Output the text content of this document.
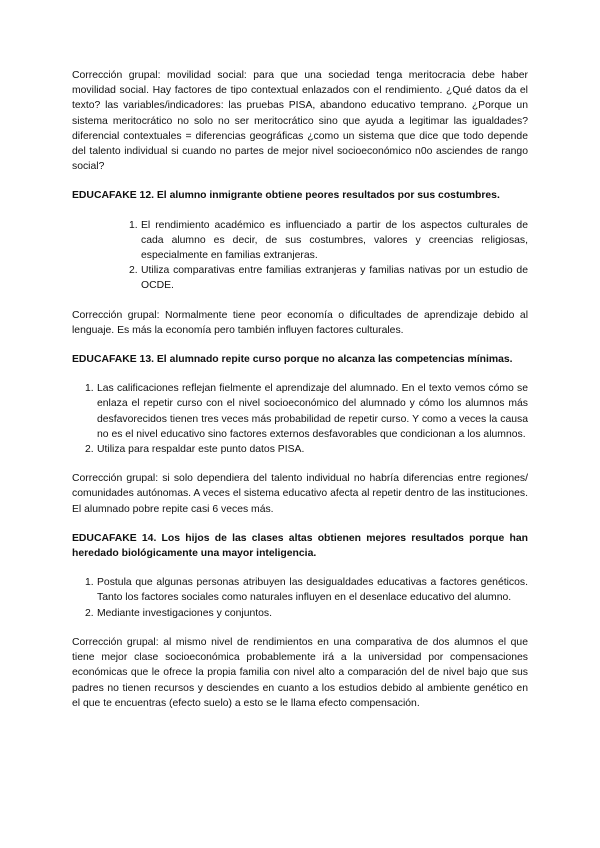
Corrección grupal: movilidad social: para que una sociedad tenga meritocracia debe haber movilidad social. Hay factores de tipo contextual enlazados con el rendimiento. ¿Qué datos da el texto? las variables/indicadores: las pruebas PISA, abandono educativo temprano. ¿Porque un sistema meritocrático no solo no ser meritocrático sino que ayuda a legitimar las igualdades? diferencial contextuales = diferencias geográficas ¿como un sistema que dice que todo depende del talento individual si cuando no partes de mejor nivel socioeconómico n0o asciendes de rango social?

EDUCAFAKE 12. El alumno inmigrante obtiene peores resultados por sus costumbres.

1. El rendimiento académico es influenciado a partir de los aspectos culturales de cada alumno es decir, de sus costumbres, valores y creencias religiosas, especialmente en familias extranjeras.
2. Utiliza comparativas entre familias extranjeras y familias nativas por un estudio de OCDE.

Corrección grupal: Normalmente tiene peor economía o dificultades de aprendizaje debido al lenguaje. Es más la economía pero también influyen factores culturales.

EDUCAFAKE 13. El alumnado repite curso porque no alcanza las competencias mínimas.

1. Las calificaciones reflejan fielmente el aprendizaje del alumnado. En el texto vemos cómo se enlaza el repetir curso con el nivel socioeconómico del alumnado y cómo los alumnos más desfavorecidos tienen tres veces más probabilidad de repetir curso. Y como a veces la causa no es el nivel educativo sino factores externos desfavorables que condicionan a los alumnos.
2. Utiliza para respaldar este punto datos PISA.

Corrección grupal: si solo dependiera del talento individual no habría diferencias entre regiones/ comunidades autónomas. A veces el sistema educativo afecta al repetir dentro de las instituciones. El alumnado pobre repite casi 6 veces más.

EDUCAFAKE 14. Los hijos de las clases altas obtienen mejores resultados porque han heredado biológicamente una mayor inteligencia.

1. Postula que algunas personas atribuyen las desigualdades educativas a factores genéticos. Tanto los factores sociales como naturales influyen en el desenlace educativo del alumno.
2. Mediante investigaciones y conjuntos.

Corrección grupal: al mismo nivel de rendimientos en una comparativa de dos alumnos el que tiene mejor clase socioeconómica probablemente irá a la universidad por compensaciones económicas que le ofrece la propia familia con nivel alto a comparación del de nivel bajo que sus padres no tienen recursos y desciendes en cuanto a los estudios debido al ambiente genético en el que te encuentras (efecto suelo) a esto se le llama efecto compensación.
